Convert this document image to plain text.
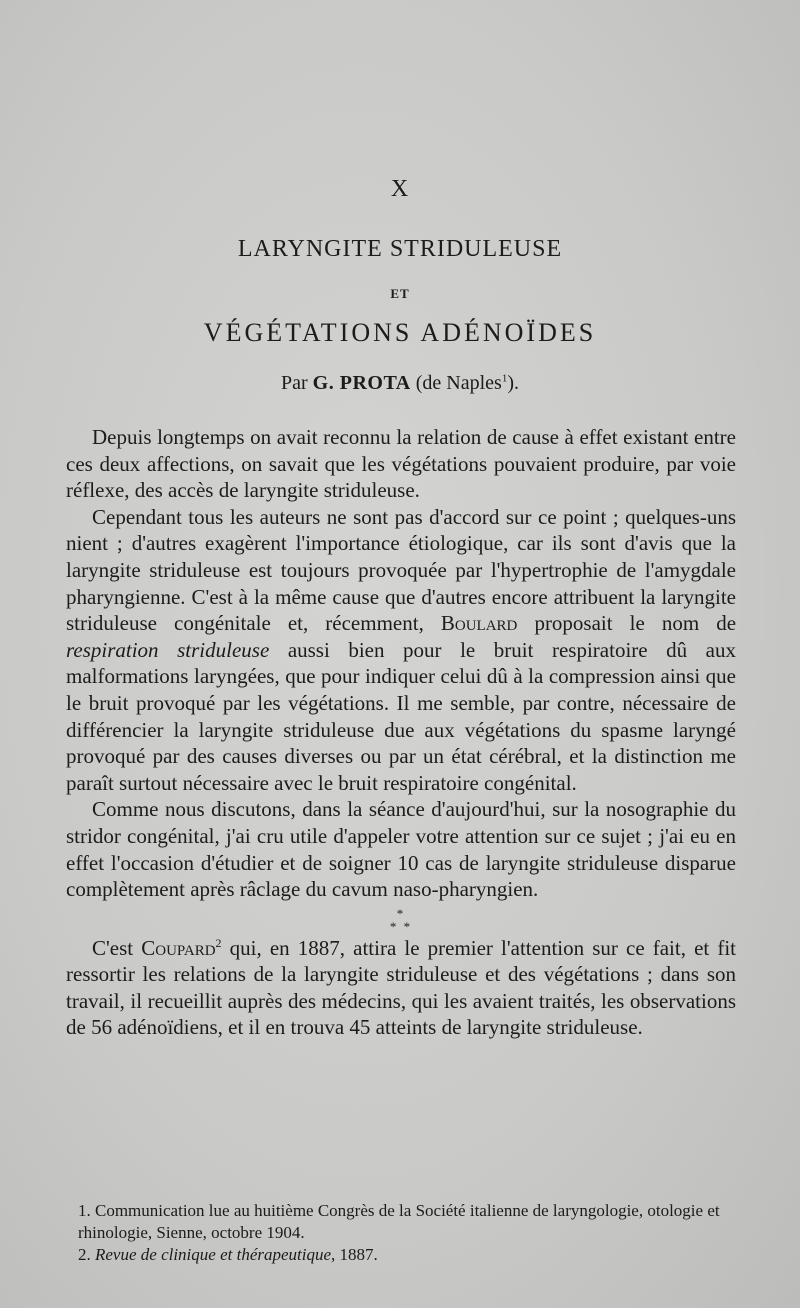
X
LARYNGITE STRIDULEUSE
ET
VÉGÉTATIONS ADÉNOÏDES
Par G. PROTA (de Naples$^1$).

Depuis longtemps on avait reconnu la relation de cause à effet existant entre ces deux affections, on savait que les végétations pouvaient produire, par voie réflexe, des accès de laryngite striduleuse.

Cependant tous les auteurs ne sont pas d'accord sur ce point ; quelques-uns nient ; d'autres exagèrent l'importance étiologique, car ils sont d'avis que la laryngite striduleuse est toujours provoquée par l'hypertrophie de l'amygdale pharyngienne. C'est à la même cause que d'autres encore attribuent la laryngite striduleuse congénitale et, récemment, Boulard proposait le nom de respiration striduleuse aussi bien pour le bruit respiratoire dû aux malformations laryngées, que pour indiquer celui dû à la compression ainsi que le bruit provoqué par les végétations. Il me semble, par contre, nécessaire de différencier la laryngite striduleuse due aux végétations du spasme laryngé provoqué par des causes diverses ou par un état cérébral, et la distinction me paraît surtout nécessaire avec le bruit respiratoire congénital.

Comme nous discutons, dans la séance d'aujourd'hui, sur la nosographie du stridor congénital, j'ai cru utile d'appeler votre attention sur ce sujet ; j'ai eu en effet l'occasion d'étudier et de soigner 10 cas de laryngite striduleuse disparue complètement après râclage du cavum naso-pharyngien.

*
* *

C'est Coupard$^2$ qui, en 1887, attira le premier l'attention sur ce fait, et fit ressortir les relations de la laryngite striduleuse et des végétations ; dans son travail, il recueillit auprès des médecins, qui les avaient traités, les observations de 56 adénoïdiens, et il en trouva 45 atteints de laryngite striduleuse.

1. Communication lue au huitième Congrès de la Société italienne de laryngologie, otologie et rhinologie, Sienne, octobre 1904.

2. Revue de clinique et thérapeutique, 1887.
